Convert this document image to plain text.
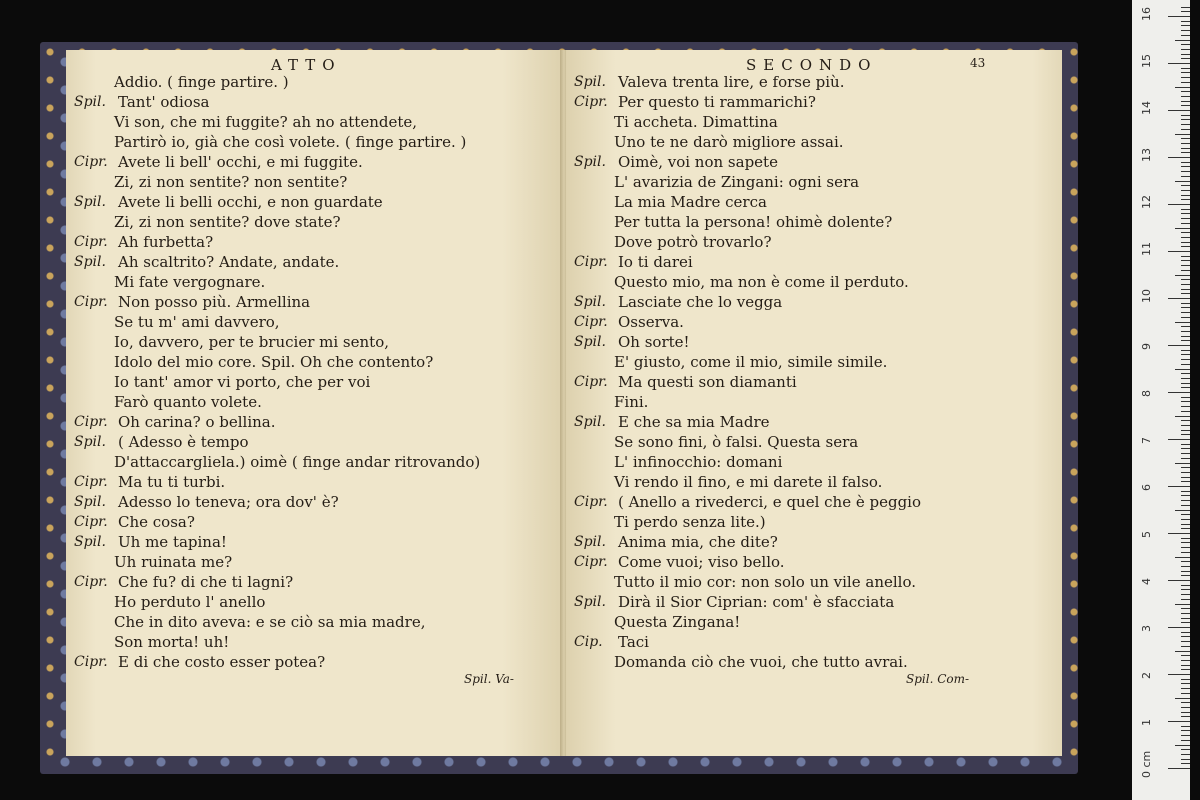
ATTO
Addio. ( finge partire. )
Spil. Tant' odiosa
Vi son, che mi fuggite? ah no attendete,
Partirò io, già che così volete. ( finge partire. )
Cipr. Avete li bell' occhi, e mi fuggite.
Zi, zi non sentite? non sentite?
Spil. Avete li belli occhi, e non guardate
Zi, zi non sentite? dove state?
Cipr. Ah furbetta?
Spil. Ah scaltrito? Andate, andate.
Mi fate vergognare.
Cipr. Non posso più. Armellina
Se tu m' ami davvero,
Io, davvero, per te brucier mi sento,
Idolo del mio core. Spil. Oh che contento?
Io tant' amor vi porto, che per voi
Farò quanto volete.
Cipr. Oh carina? o bellina.
Spil. ( Adesso è tempo
D'attaccargliela.) oimè ( finge andar ritrovando)
Cipr. Ma tu ti turbi.
Spil. Adesso lo teneva; ora dov' è?
Cipr. Che cosa?
Spil. Uh me tapina!
Uh ruinata me?
Cipr. Che fu? di che ti lagni?
Ho perduto l' anello
Che in dito aveva: e se ciò sa mia madre,
Son morta! uh!
Cipr. E di che costo esser potea?
Spil. Va-
SECONDO	43
Spil. Valeva trenta lire, e forse più.
Cipr. Per questo ti rammarichi?
Ti accheta. Dimattina
Uno te ne darò migliore assai.
Spil. Oimè, voi non sapete
L' avarizia de Zingani: ogni sera
La mia Madre cerca
Per tutta la persona! ohimè dolente?
Dove potrò trovarlo?
Cipr. Io ti darei
Questo mio, ma non è come il perduto.
Spil. Lasciate che lo vegga
Cipr. Osserva.
Spil. Oh sorte!
E' giusto, come il mio, simile simile.
Cipr. Ma questi son diamanti
Fini.
Spil. E che sa mia Madre
Se sono fini, ò falsi. Questa sera
L' infinocchio: domani
Vi rendo il fino, e mi darete il falso.
Cipr. ( Anello a rivederci, e quel che è peggio
Ti perdo senza lite.)
Spil. Anima mia, che dite?
Cipr. Come vuoi; viso bello.
Tutto il mio cor: non solo un vile anello.
Spil. Dirà il Sior Ciprian: com' è sfacciata
Questa Zingana!
Cip. Taci
Domanda ciò che vuoi, che tutto avrai.
Spil. Com-
0 cm
1
2
3
4
5
6
7
8
9
10
11
12
13
14
15
16
